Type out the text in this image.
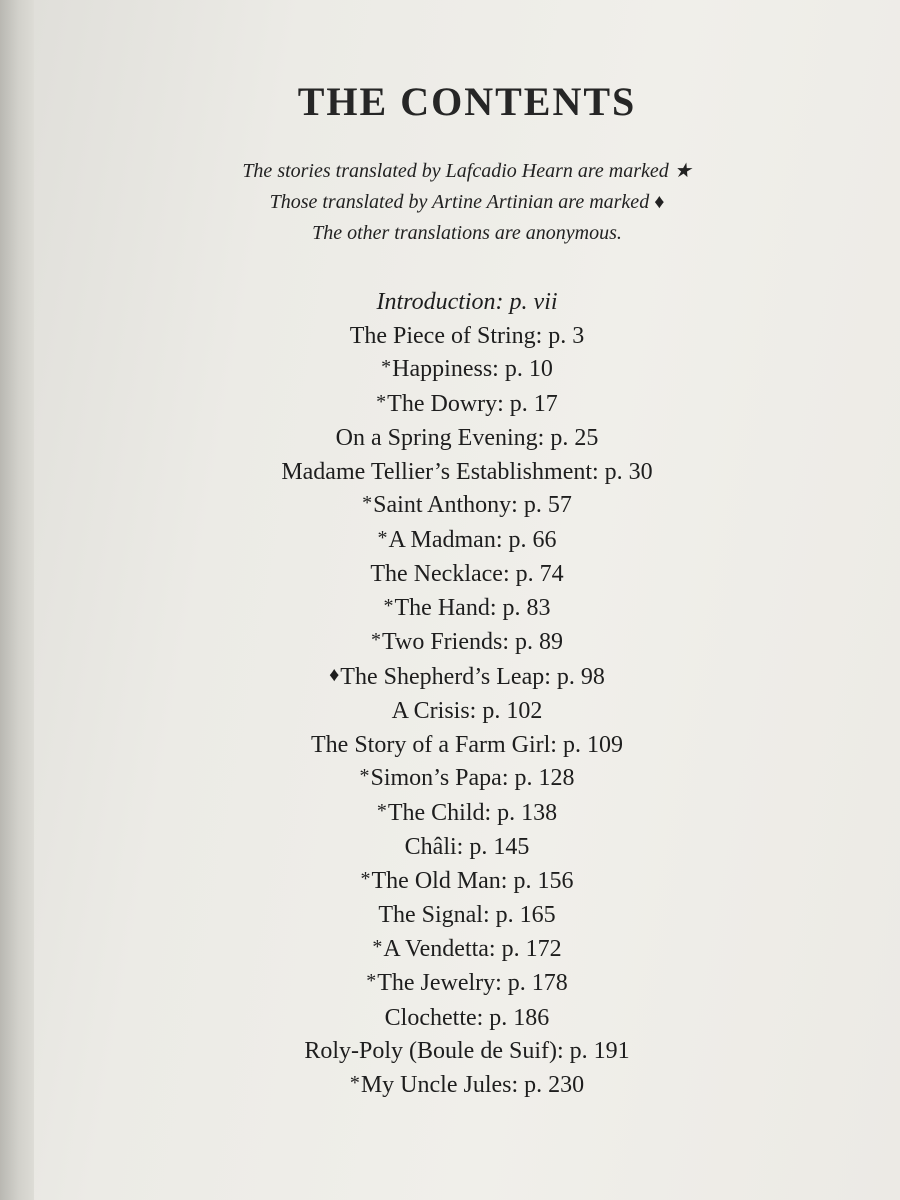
THE CONTENTS
The stories translated by Lafcadio Hearn are marked ★
Those translated by Artine Artinian are marked ♦
The other translations are anonymous.
Introduction: p. vii
The Piece of String: p. 3
*Happiness: p. 10
*The Dowry: p. 17
On a Spring Evening: p. 25
Madame Tellier’s Establishment: p. 30
*Saint Anthony: p. 57
*A Madman: p. 66
The Necklace: p. 74
*The Hand: p. 83
*Two Friends: p. 89
♦The Shepherd’s Leap: p. 98
A Crisis: p. 102
The Story of a Farm Girl: p. 109
*Simon’s Papa: p. 128
*The Child: p. 138
Châli: p. 145
*The Old Man: p. 156
The Signal: p. 165
*A Vendetta: p. 172
*The Jewelry: p. 178
Clochette: p. 186
Roly-Poly (Boule de Suif): p. 191
*My Uncle Jules: p. 230
